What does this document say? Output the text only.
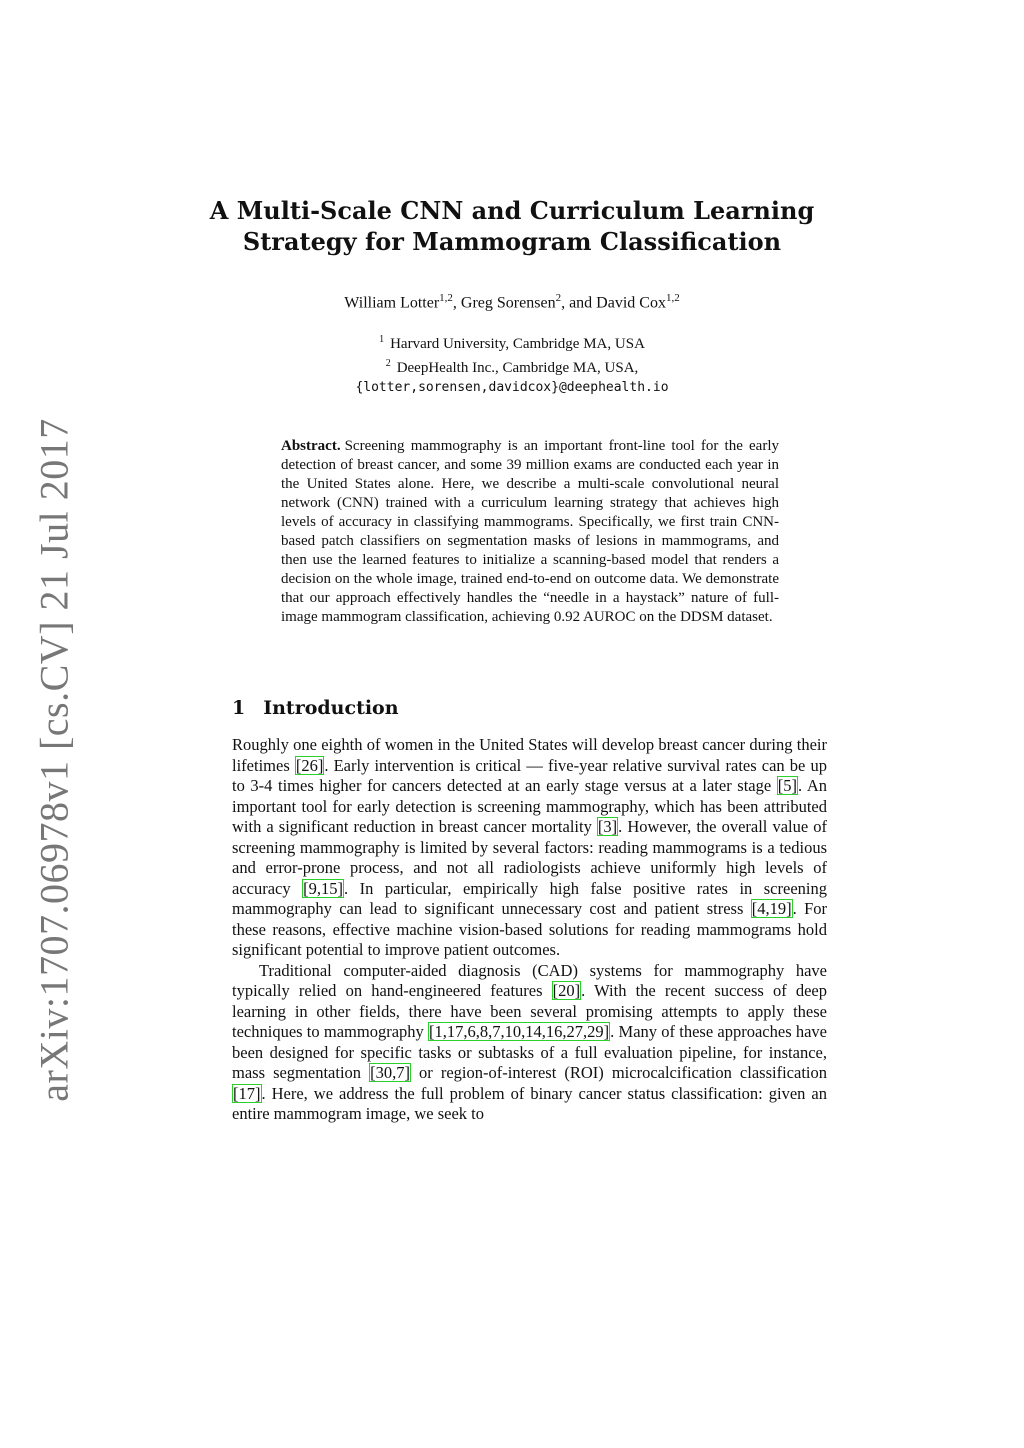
arXiv:1707.06978v1 [cs.CV] 21 Jul 2017
A Multi-Scale CNN and Curriculum Learning
Strategy for Mammogram Classification
William Lotter$^{1,2}$, Greg Sorensen$^2$, and David Cox$^{1,2}$
$^1$ Harvard University, Cambridge MA, USA
$^2$ DeepHealth Inc., Cambridge MA, USA,
{lotter,sorensen,davidcox}@deephealth.io

Abstract. Screening mammography is an important front-line tool for the early detection of breast cancer, and some 39 million exams are conducted each year in the United States alone. Here, we describe a multi-scale convolutional neural network (CNN) trained with a curriculum learning strategy that achieves high levels of accuracy in classifying mammograms. Specifically, we first train CNN-based patch classifiers on segmentation masks of lesions in mammograms, and then use the learned features to initialize a scanning-based model that renders a decision on the whole image, trained end-to-end on outcome data. We demonstrate that our approach effectively handles the “needle in a haystack” nature of full-image mammogram classification, achieving 0.92 AUROC on the DDSM dataset.

1 Introduction

Roughly one eighth of women in the United States will develop breast cancer during their lifetimes [26]. Early intervention is critical — five-year relative survival rates can be up to 3-4 times higher for cancers detected at an early stage versus at a later stage [5]. An important tool for early detection is screening mammography, which has been attributed with a significant reduction in breast cancer mortality [3]. However, the overall value of screening mammography is limited by several factors: reading mammograms is a tedious and error-prone process, and not all radiologists achieve uniformly high levels of accuracy [9,15]. In particular, empirically high false positive rates in screening mammography can lead to significant unnecessary cost and patient stress [4,19]. For these reasons, effective machine vision-based solutions for reading mammograms hold significant potential to improve patient outcomes.

Traditional computer-aided diagnosis (CAD) systems for mammography have typically relied on hand-engineered features [20]. With the recent success of deep learning in other fields, there have been several promising attempts to apply these techniques to mammography [1,17,6,8,7,10,14,16,27,29]. Many of these approaches have been designed for specific tasks or subtasks of a full evaluation pipeline, for instance, mass segmentation [30,7] or region-of-interest (ROI) microcalcification classification [17]. Here, we address the full problem of binary cancer status classification: given an entire mammogram image, we seek to
